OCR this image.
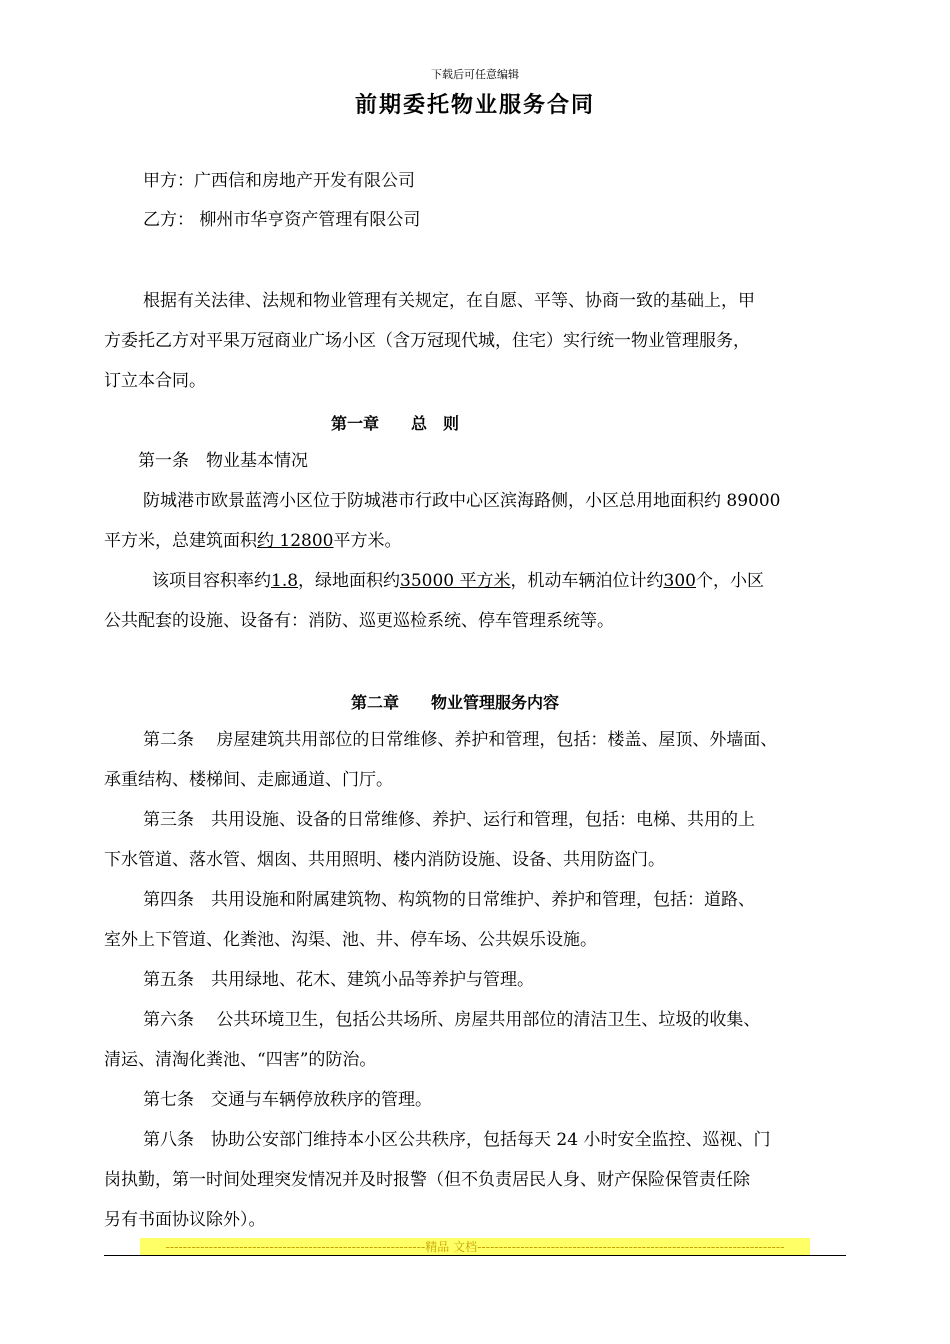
下载后可任意编辑
前期委托物业服务合同
甲方：广西信和房地产开发有限公司
乙方： 柳州市华亨资产管理有限公司
根据有关法律、法规和物业管理有关规定，在自愿、平等、协商一致的基础上，甲
方委托乙方对平果万冠商业广场小区（含万冠现代城，住宅）实行统一物业管理服务，
订立本合同。
第一章　　总　则
第一条　物业基本情况
防城港市欧景蓝湾小区位于防城港市行政中心区滨海路侧，小区总用地面积约 89000
平方米，总建筑面积约 12800平方米。
该项目容积率约1.8，绿地面积约35000 平方米，机动车辆泊位计约300个，小区
公共配套的设施、设备有：消防、巡更巡检系统、停车管理系统等。
第二章　　物业管理服务内容
第二条　 房屋建筑共用部位的日常维修、养护和管理，包括：楼盖、屋顶、外墙面、
承重结构、楼梯间、走廊通道、门厅。
第三条　共用设施、设备的日常维修、养护、运行和管理，包括：电梯、共用的上
下水管道、落水管、烟囱、共用照明、楼内消防设施、设备、共用防盗门。
第四条　共用设施和附属建筑物、构筑物的日常维护、养护和管理，包括：道路、
室外上下管道、化粪池、沟渠、池、井、停车场、公共娱乐设施。
第五条　共用绿地、花木、建筑小品等养护与管理。
第六条　 公共环境卫生，包括公共场所、房屋共用部位的清洁卫生、垃圾的收集、
清运、清淘化粪池、“四害”的防治。
第七条　交通与车辆停放秩序的管理。
第八条　协助公安部门维持本小区公共秩序，包括每天 24 小时安全监控、巡视、门
岗执勤，第一时间处理突发情况并及时报警（但不负责居民人身、财产保险保管责任除
另有书面协议除外）。
------------------------------------------------------------精品 文档-----------------------------------------------------------------------
